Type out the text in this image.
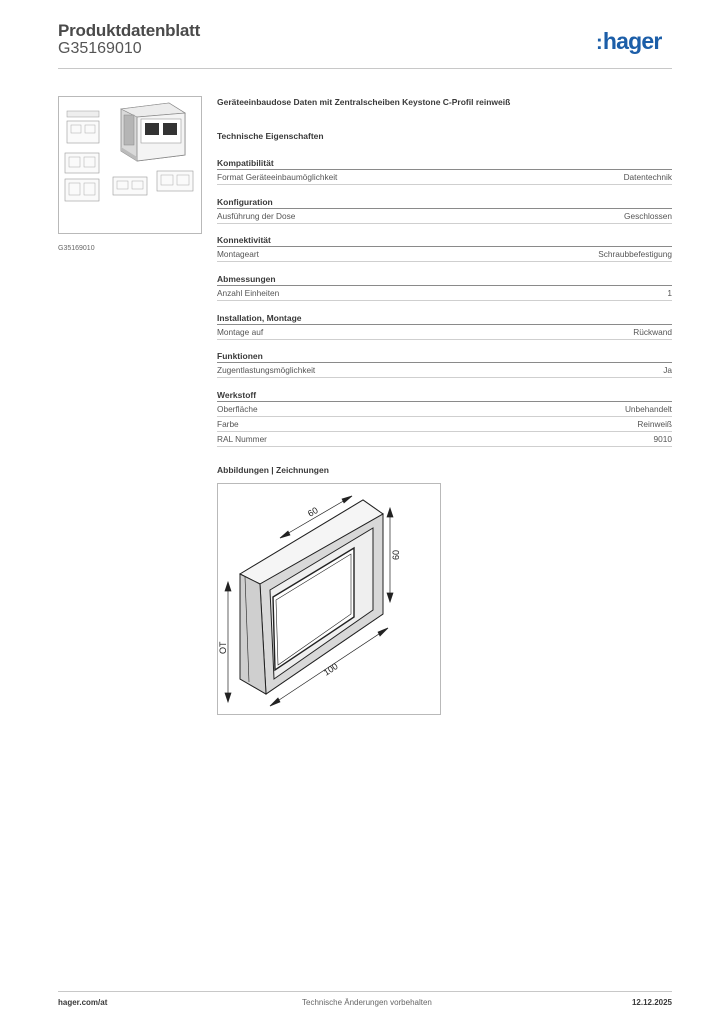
Produktdatenblatt
G35169010	:hager
G35169010
Geräteeinbaudose Daten mit Zentralscheiben Keystone C-Profil reinweiß
Technische Eigenschaften
Kompatibilität
Format Geräteeinbaumöglichkeit	Datentechnik
Konfiguration
Ausführung der Dose	Geschlossen
Konnektivität
Montageart	Schraubbefestigung
Abmessungen
Anzahl Einheiten	1
Installation, Montage
Montage auf	Rückwand
Funktionen
Zugentlastungsmöglichkeit	Ja
Werkstoff
Oberfläche	Unbehandelt
Farbe	Reinweiß
RAL Nummer	9010
Abbildungen | Zeichnungen
60
60
100
OT
hager.com/at	Technische Änderungen vorbehalten	12.12.2025
